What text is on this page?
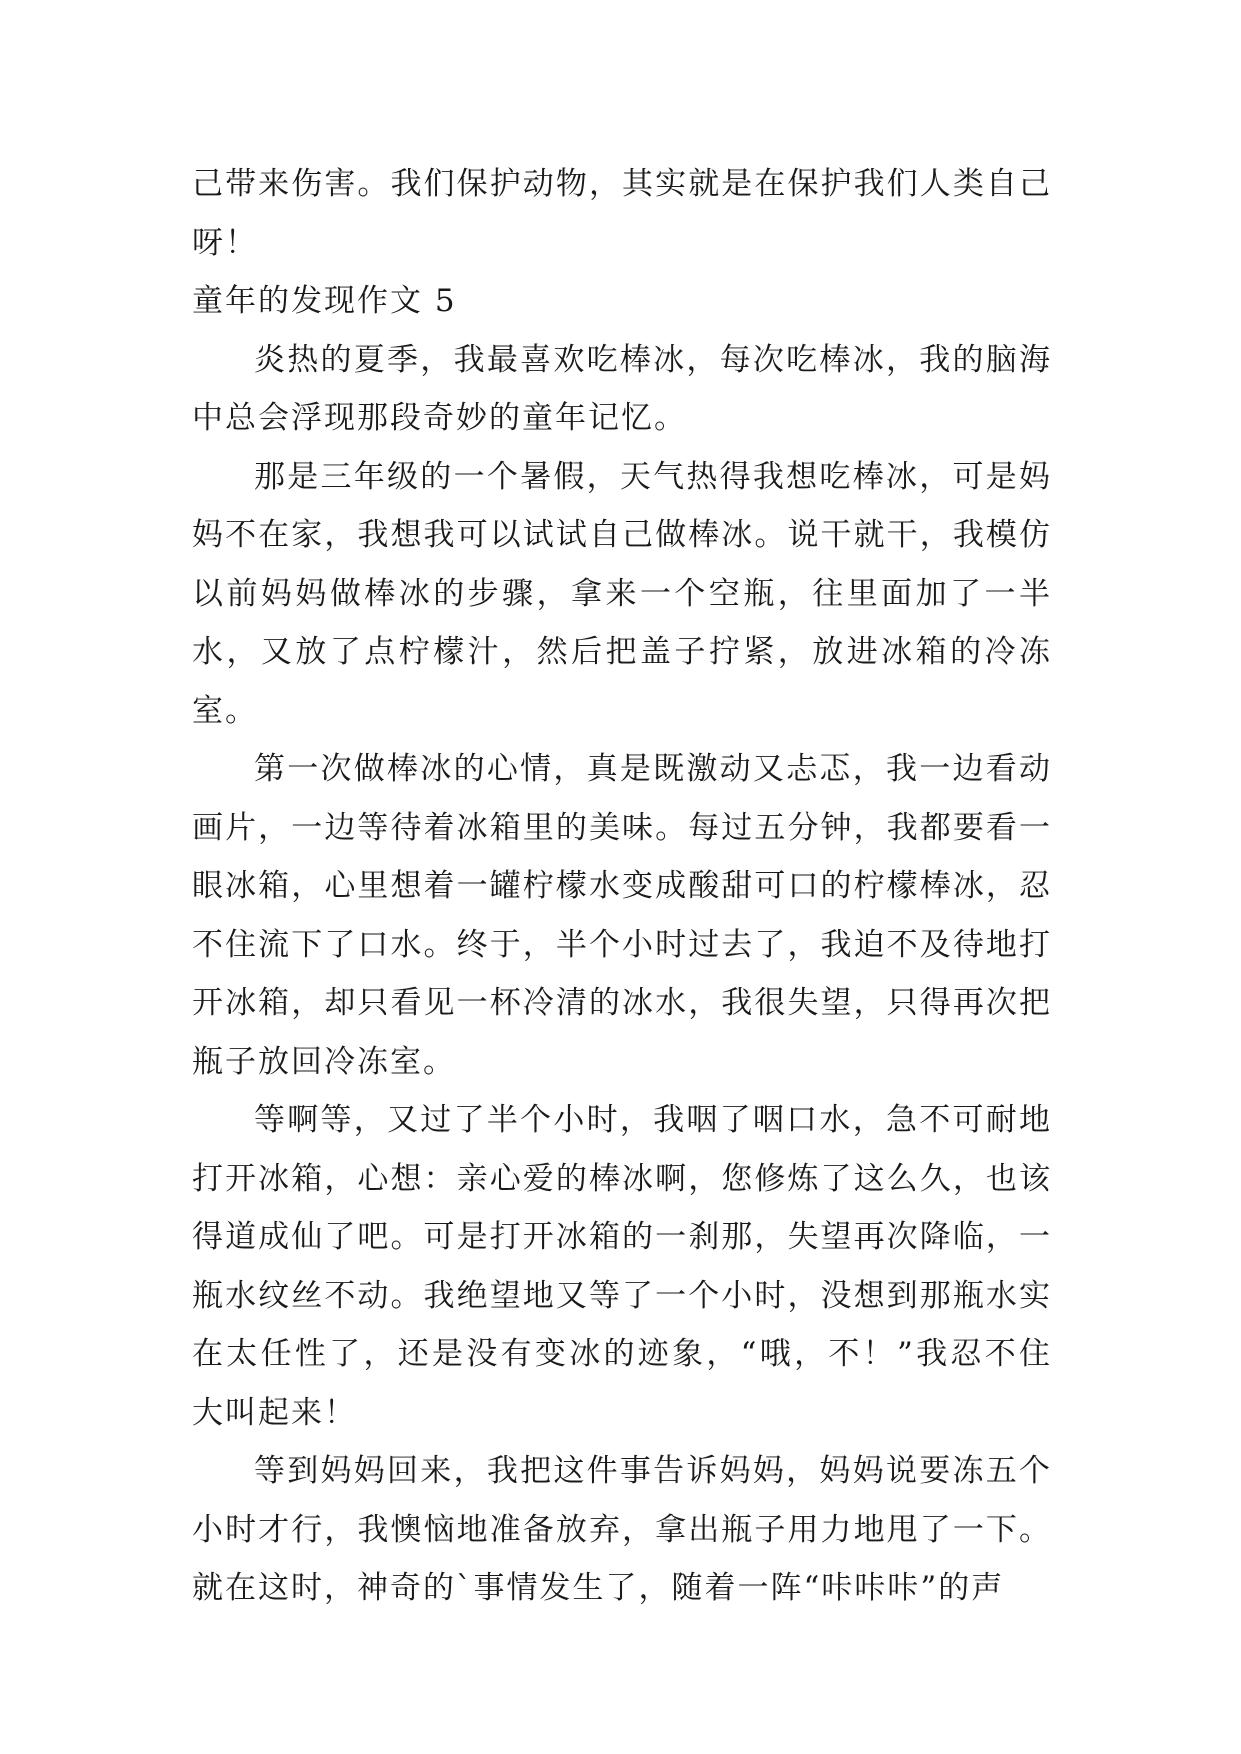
己带来伤害。我们保护动物，其实就是在保护我们人类自己呀！

童年的发现作文 5

炎热的夏季，我最喜欢吃棒冰，每次吃棒冰，我的脑海中总会浮现那段奇妙的童年记忆。

那是三年级的一个暑假，天气热得我想吃棒冰，可是妈妈不在家，我想我可以试试自己做棒冰。说干就干，我模仿以前妈妈做棒冰的步骤，拿来一个空瓶，往里面加了一半水，又放了点柠檬汁，然后把盖子拧紧，放进冰箱的冷冻室。

第一次做棒冰的心情，真是既激动又忐忑，我一边看动画片，一边等待着冰箱里的美味。每过五分钟，我都要看一眼冰箱，心里想着一罐柠檬水变成酸甜可口的柠檬棒冰，忍不住流下了口水。终于，半个小时过去了，我迫不及待地打开冰箱，却只看见一杯冷清的冰水，我很失望，只得再次把瓶子放回冷冻室。

等啊等，又过了半个小时，我咽了咽口水，急不可耐地打开冰箱，心想：亲心爱的棒冰啊，您修炼了这么久，也该得道成仙了吧。可是打开冰箱的一刹那，失望再次降临，一瓶水纹丝不动。我绝望地又等了一个小时，没想到那瓶水实在太任性了，还是没有变冰的迹象，“哦，不！”我忍不住大叫起来！

等到妈妈回来，我把这件事告诉妈妈，妈妈说要冻五个小时才行，我懊恼地准备放弃，拿出瓶子用力地甩了一下。就在这时，神奇的`事情发生了，随着一阵“咔咔咔”的声
